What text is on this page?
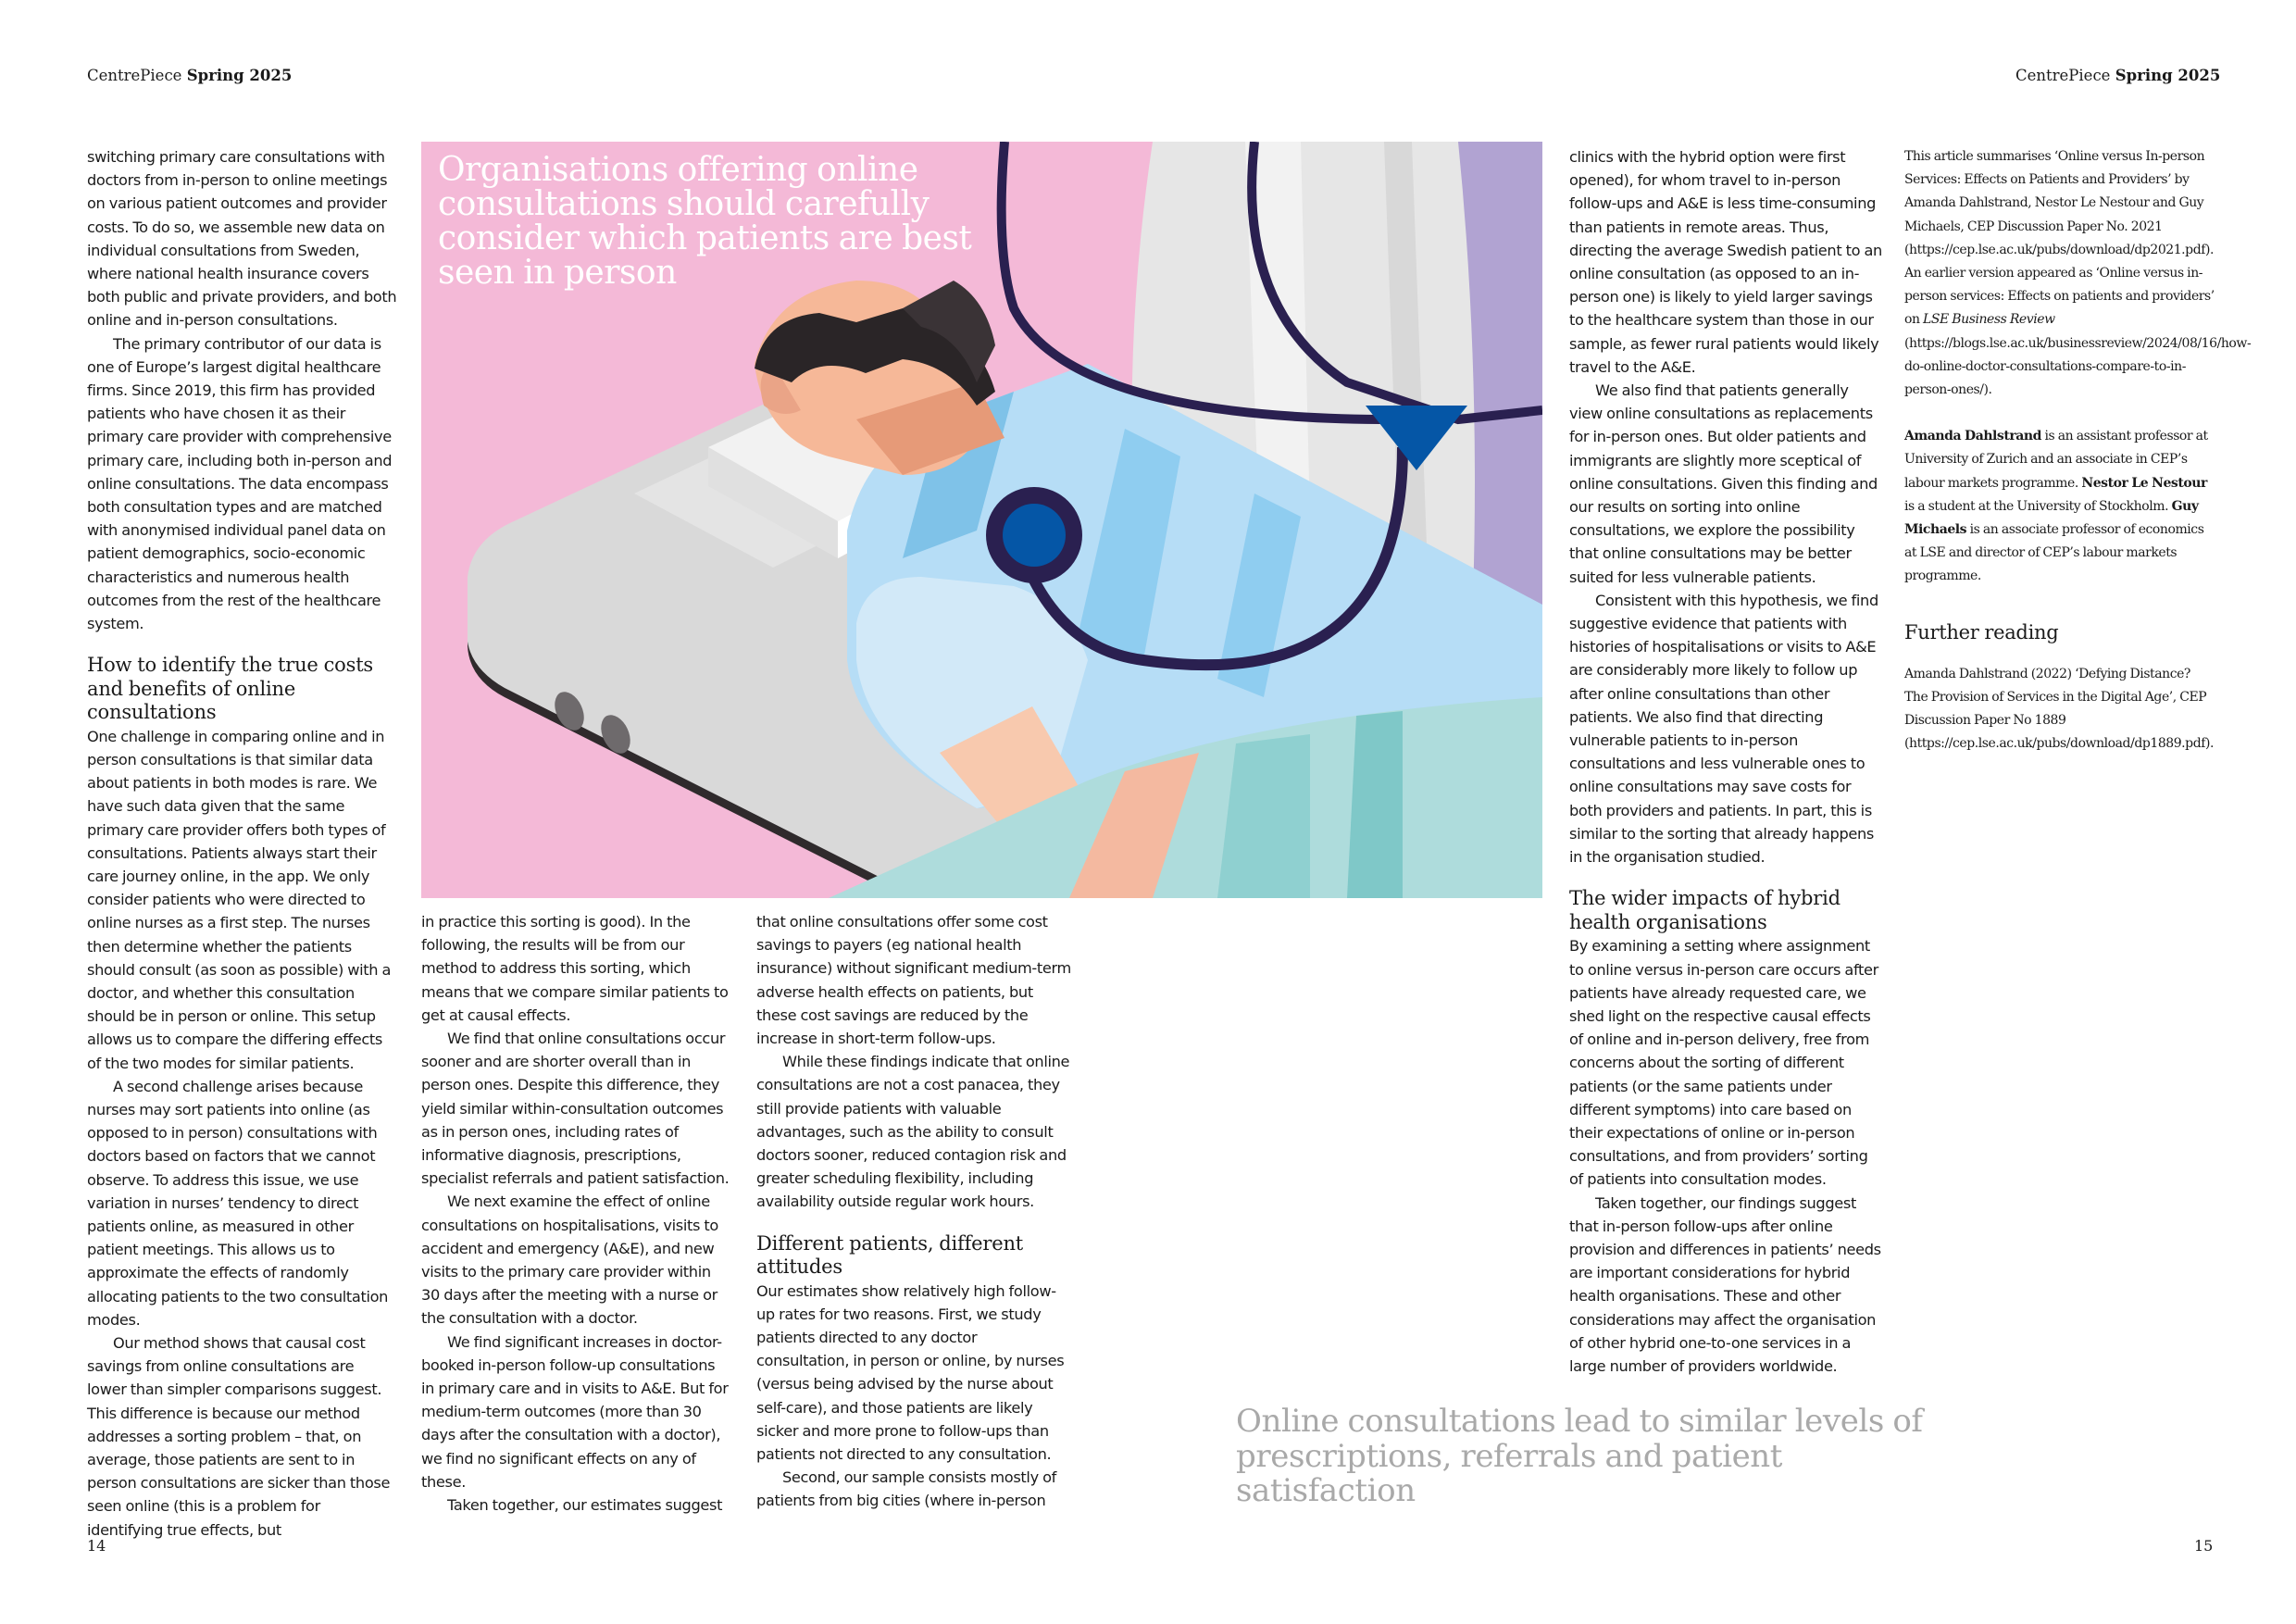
CentrePiece Spring 2025	CentrePiece Spring 2025
Organisations offering online consultations should carefully consider which patients are best seen in person

switching primary care consultations with doctors from in-person to online meetings on various patient outcomes and provider costs. To do so, we assemble new data on individual consultations from Sweden, where national health insurance covers both public and private providers, and both online and in-person consultations.

The primary contributor of our data is one of Europe’s largest digital healthcare firms. Since 2019, this firm has provided patients who have chosen it as their primary care provider with comprehensive primary care, including both in-person and online consultations. The data encompass both consultation types and are matched with anonymised individual panel data on patient demographics, socio-economic characteristics and numerous health outcomes from the rest of the healthcare system.

How to identify the true costs and benefits of online consultations

One challenge in comparing online and in person consultations is that similar data about patients in both modes is rare. We have such data given that the same primary care provider offers both types of consultations. Patients always start their care journey online, in the app. We only consider patients who were directed to online nurses as a first step. The nurses then determine whether the patients should consult (as soon as possible) with a doctor, and whether this consultation should be in person or online. This setup allows us to compare the differing effects of the two modes for similar patients.

A second challenge arises because nurses may sort patients into online (as opposed to in person) consultations with doctors based on factors that we cannot observe. To address this issue, we use variation in nurses’ tendency to direct patients online, as measured in other patient meetings. This allows us to approximate the effects of randomly allocating patients to the two consultation modes.

Our method shows that causal cost savings from online consultations are lower than simpler comparisons suggest. This difference is because our method addresses a sorting problem – that, on average, those patients are sent to in person consultations are sicker than those seen online (this is a problem for identifying true effects, but

in practice this sorting is good). In the following, the results will be from our method to address this sorting, which means that we compare similar patients to get at causal effects.

We find that online consultations occur sooner and are shorter overall than in person ones. Despite this difference, they yield similar within-consultation outcomes as in person ones, including rates of informative diagnosis, prescriptions, specialist referrals and patient satisfaction.

We next examine the effect of online consultations on hospitalisations, visits to accident and emergency (A&E), and new visits to the primary care provider within 30 days after the meeting with a nurse or the consultation with a doctor.

We find significant increases in doctor-booked in-person follow-up consultations in primary care and in visits to A&E. But for medium-term outcomes (more than 30 days after the consultation with a doctor), we find no significant effects on any of these.

Taken together, our estimates suggest

that online consultations offer some cost savings to payers (eg national health insurance) without significant medium-term adverse health effects on patients, but these cost savings are reduced by the increase in short-term follow-ups.

While these findings indicate that online consultations are not a cost panacea, they still provide patients with valuable advantages, such as the ability to consult doctors sooner, reduced contagion risk and greater scheduling flexibility, including availability outside regular work hours.

Different patients, different attitudes

Our estimates show relatively high follow-up rates for two reasons. First, we study patients directed to any doctor consultation, in person or online, by nurses (versus being advised by the nurse about self-care), and those patients are likely sicker and more prone to follow-ups than patients not directed to any consultation.

Second, our sample consists mostly of patients from big cities (where in-person

clinics with the hybrid option were first opened), for whom travel to in-person follow-ups and A&E is less time-consuming than patients in remote areas. Thus, directing the average Swedish patient to an online consultation (as opposed to an in-person one) is likely to yield larger savings to the healthcare system than those in our sample, as fewer rural patients would likely travel to the A&E.

We also find that patients generally view online consultations as replacements for in-person ones. But older patients and immigrants are slightly more sceptical of online consultations. Given this finding and our results on sorting into online consultations, we explore the possibility that online consultations may be better suited for less vulnerable patients.

Consistent with this hypothesis, we find suggestive evidence that patients with histories of hospitalisations or visits to A&E are considerably more likely to follow up after online consultations than other patients. We also find that directing vulnerable patients to in-person consultations and less vulnerable ones to online consultations may save costs for both providers and patients. In part, this is similar to the sorting that already happens in the organisation studied.

The wider impacts of hybrid health organisations

By examining a setting where assignment to online versus in-person care occurs after patients have already requested care, we shed light on the respective causal effects of online and in-person delivery, free from concerns about the sorting of different patients (or the same patients under different symptoms) into care based on their expectations of online or in-person consultations, and from providers’ sorting of patients into consultation modes.

Taken together, our findings suggest that in-person follow-ups after online provision and differences in patients’ needs are important considerations for hybrid health organisations. These and other considerations may affect the organisation of other hybrid one-to-one services in a large number of providers worldwide.

Online consultations lead to similar levels of prescriptions, referrals and patient satisfaction

This article summarises ‘Online versus In-person Services: Effects on Patients and Providers’ by Amanda Dahlstrand, Nestor Le Nestour and Guy Michaels, CEP Discussion Paper No. 2021 (https://cep.lse.ac.uk/pubs/download/dp2021.pdf). An earlier version appeared as ‘Online versus in-person services: Effects on patients and providers’ on LSE Business Review (https://blogs.lse.ac.uk/businessreview/2024/08/16/how-do-online-doctor-consultations-compare-to-in-person-ones/).

Amanda Dahlstrand is an assistant professor at University of Zurich and an associate in CEP’s labour markets programme. Nestor Le Nestour is a student at the University of Stockholm. Guy Michaels is an associate professor of economics at LSE and director of CEP’s labour markets programme.

Further reading

Amanda Dahlstrand (2022) ‘Defying Distance? The Provision of Services in the Digital Age’, CEP Discussion Paper No 1889 (https://cep.lse.ac.uk/pubs/download/dp1889.pdf).

14	15
